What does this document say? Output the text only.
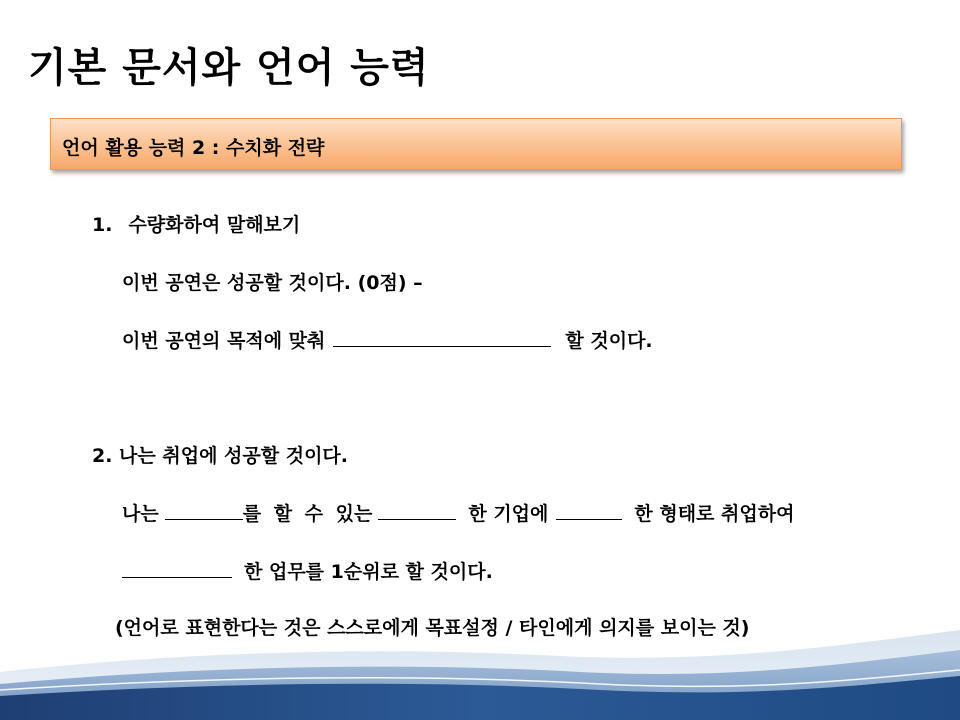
기본 문서와 언어 능력
언어 활용 능력 2 : 수치화 전략
1. 수량화하여 말해보기
이번 공연은 성공할 것이다. (0점) –
이번 공연의 목적에 맞춰	할 것이다.
2. 나는 취업에 성공할 것이다.
나는	를 할 수 있는	한 기업에	한 형태로 취업하여
한 업무를 1순위로 할 것이다.
(언어로 표현한다는 것은 스스로에게 목표설정 / 타인에게 의지를 보이는 것)
